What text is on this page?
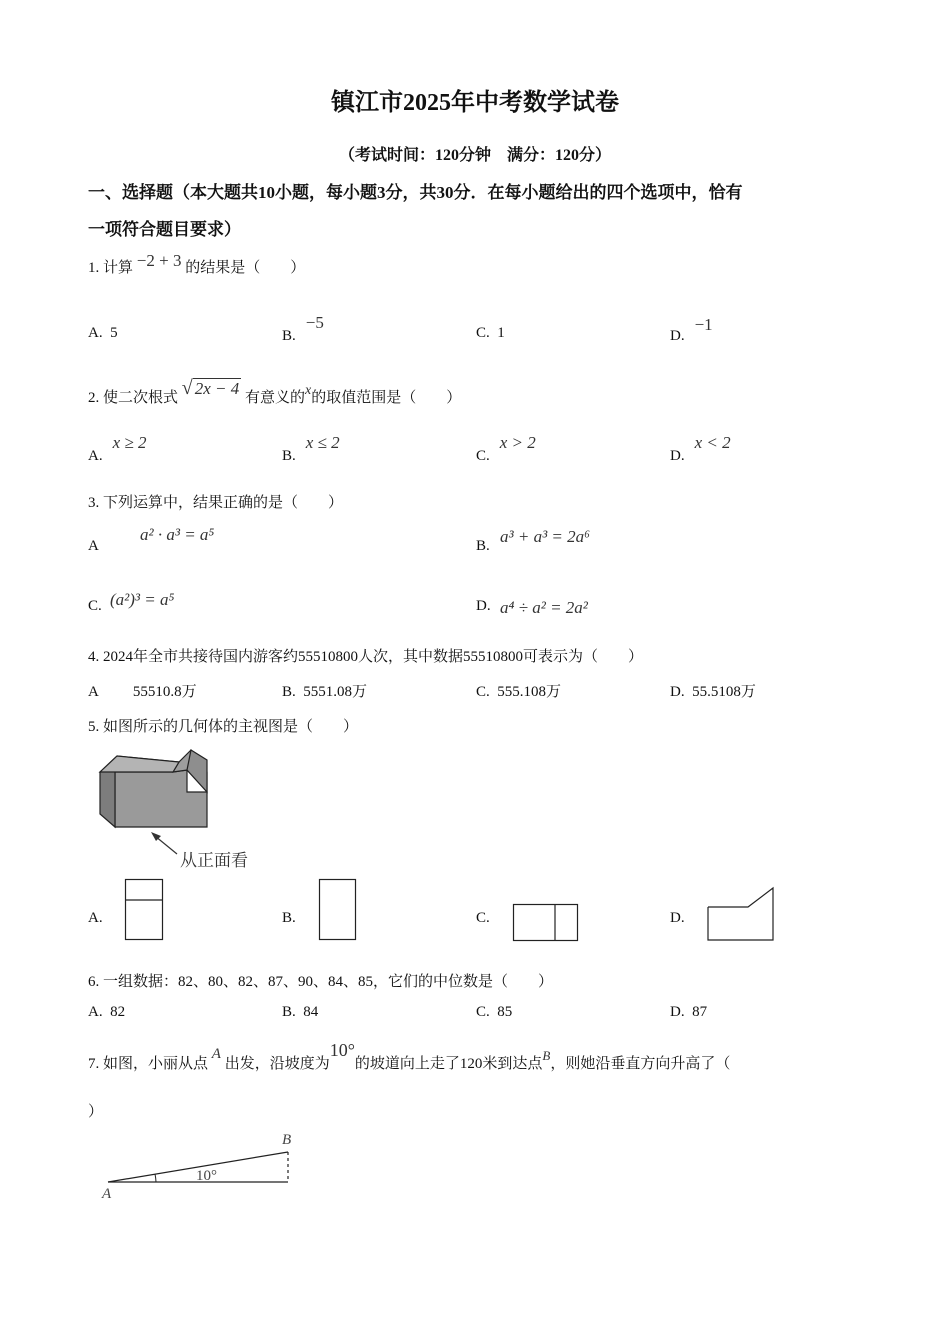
镇江市2025年中考数学试卷
（考试时间：120分钟　满分：120分）
一、选择题（本大题共10小题，每小题3分，共30分．在每小题给出的四个选项中，恰有
一项符合题目要求）
1. 计算 −2 + 3 的结果是（　　）
A. 5	B.−5
C. 1	D.−1
2. 使二次根式 √ 2x − 4 有意义的x的取值范围是（　　）
A.x ≥ 2
B.x ≤ 2
C.x > 2
D.x < 2
3. 下列运算中，结果正确的是（　　）
A
a² · a³ = a⁵
B. a³ + a³ = 2a⁶
C. (a²)³ = a⁵	D. a⁴ ÷ a² = 2a²
4. 2024年全市共接待国内游客约55510800人次，其中数据55510800可表示为（　　）
A 55510.8万	B. 5551.08万	C. 555.108万	D. 55.5108万
5. 如图所示的几何体的主视图是（　　）
从正面看
A.	B.	C.	D.
6. 一组数据：82、80、82、87、90、84、85，它们的中位数是（　　）
A. 82	B. 84	C. 85	D. 87
7. 如图，小丽从点 A 出发，沿坡度为10°的坡道向上走了120米到达点B，则她沿垂直方向升高了（
）
A
B
10°
